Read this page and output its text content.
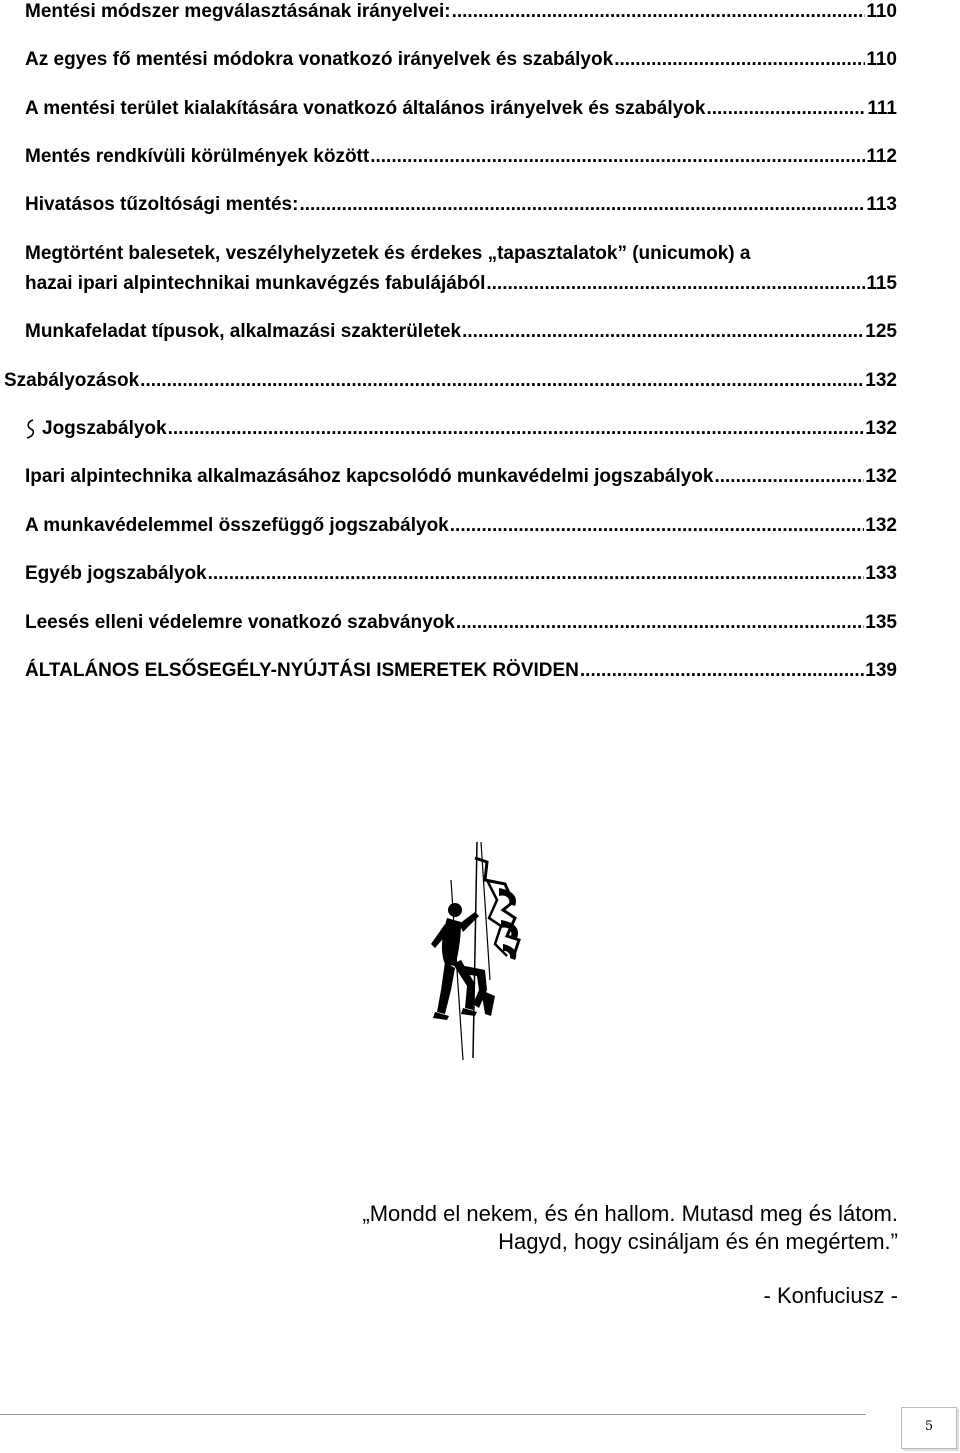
Mentési módszer megválasztásának irányelvei: .....	110
Az egyes fő mentési módokra vonatkozó irányelvek és szabályok .....	110
A mentési terület kialakítására vonatkozó általános irányelvek és szabályok .....	111
Mentés rendkívüli körülmények között .....	112
Hivatásos tűzoltósági mentés: .....	113
Megtörtént balesetek, veszélyhelyzetek és érdekes „tapasztalatok” (unicumok) a
hazai ipari alpintechnikai munkavégzés fabulájából .....	115
Munkafeladat típusok, alkalmazási szakterületek .....	125
Szabályozások .....	132
Jogszabályok .....	132
Ipari alpintechnika alkalmazásához kapcsolódó munkavédelmi jogszabályok .....	132
A munkavédelemmel összefüggő jogszabályok .....	132
Egyéb jogszabályok .....	133
Leesés elleni védelemre vonatkozó szabványok .....	135
ÁLTALÁNOS ELSŐSEGÉLY-NYÚJTÁSI ISMERETEK RÖVIDEN .....	139
„Mondd el nekem, és én hallom. Mutasd meg és látom.
Hagyd, hogy csináljam és én megértem.”
- Konfuciusz -
5
